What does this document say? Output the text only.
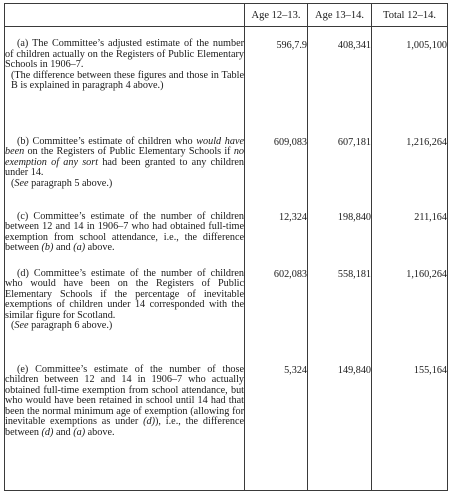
	Age 12–13.	Age 13–14.	Total 12–14.

(a) The Committee’s adjusted estimate of the number of children actually on the Registers of Public Elementary Schools in 1906–7.

(The difference between these figures and those in Table B is explained in paragraph 4 above.)	596,7.9	408,341	1,005,100

(b) Committee’s estimate of children who would have been on the Registers of Public Elementary Schools if no exemption of any sort had been granted to any children under 14.

(See paragraph 5 above.)	609,083	607,181	1,216,264

(c) Committee’s estimate of the number of children between 12 and 14 in 1906–7 who had obtained full-time exemption from school attendance, i.e., the difference between (b) and (a) above.	12,324	198,840	211,164

(d) Committee’s estimate of the number of children who would have been on the Registers of Public Elementary Schools if the percentage of inevitable exemptions of children under 14 corresponded with the similar figure for Scotland.

(See paragraph 6 above.)	602,083	558,181	1,160,264

(e) Committee’s estimate of the number of those children between 12 and 14 in 1906–7 who actually obtained full-time exemption from school attendance, but who would have been retained in school until 14 had that been the normal minimum age of exemption (allowing for inevitable exemptions as under (d)), i.e., the difference between (d) and (a) above.	5,324	149,840	155,164
